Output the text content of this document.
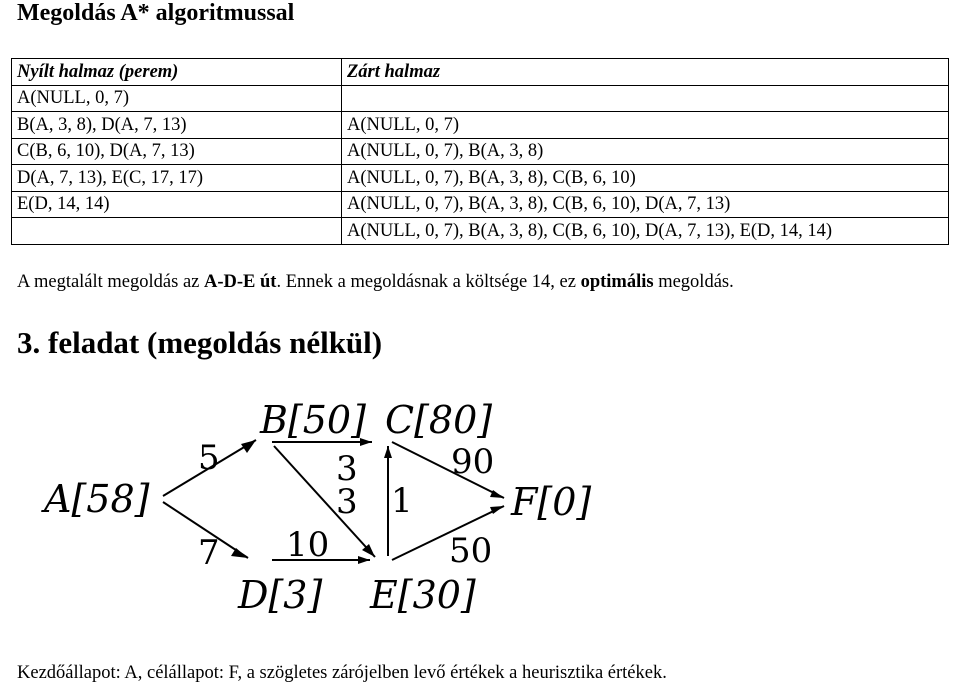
Megoldás A* algoritmussal
Nyílt halmaz (perem)	Zárt halmaz
A(NULL, 0, 7)	
B(A, 3, 8), D(A, 7, 13)	A(NULL, 0, 7)
C(B, 6, 10), D(A, 7, 13)	A(NULL, 0, 7), B(A, 3, 8)
D(A, 7, 13), E(C, 17, 17)	A(NULL, 0, 7), B(A, 3, 8), C(B, 6, 10)
E(D, 14, 14)	A(NULL, 0, 7), B(A, 3, 8), C(B, 6, 10), D(A, 7, 13)
	A(NULL, 0, 7), B(A, 3, 8), C(B, 6, 10), D(A, 7, 13), E(D, 14, 14)
A megtalált megoldás az A-D-E út. Ennek a megoldásnak a költsége 14, ez optimális megoldás.
3. feladat (megoldás nélkül)
A[58]
B[50] C[80]
D[3] E[30]
F[0]
5
7
3
3 1
90
10	50
Kezdőállapot: A, célállapot: F, a szögletes zárójelben levő értékek a heurisztika értékek.
